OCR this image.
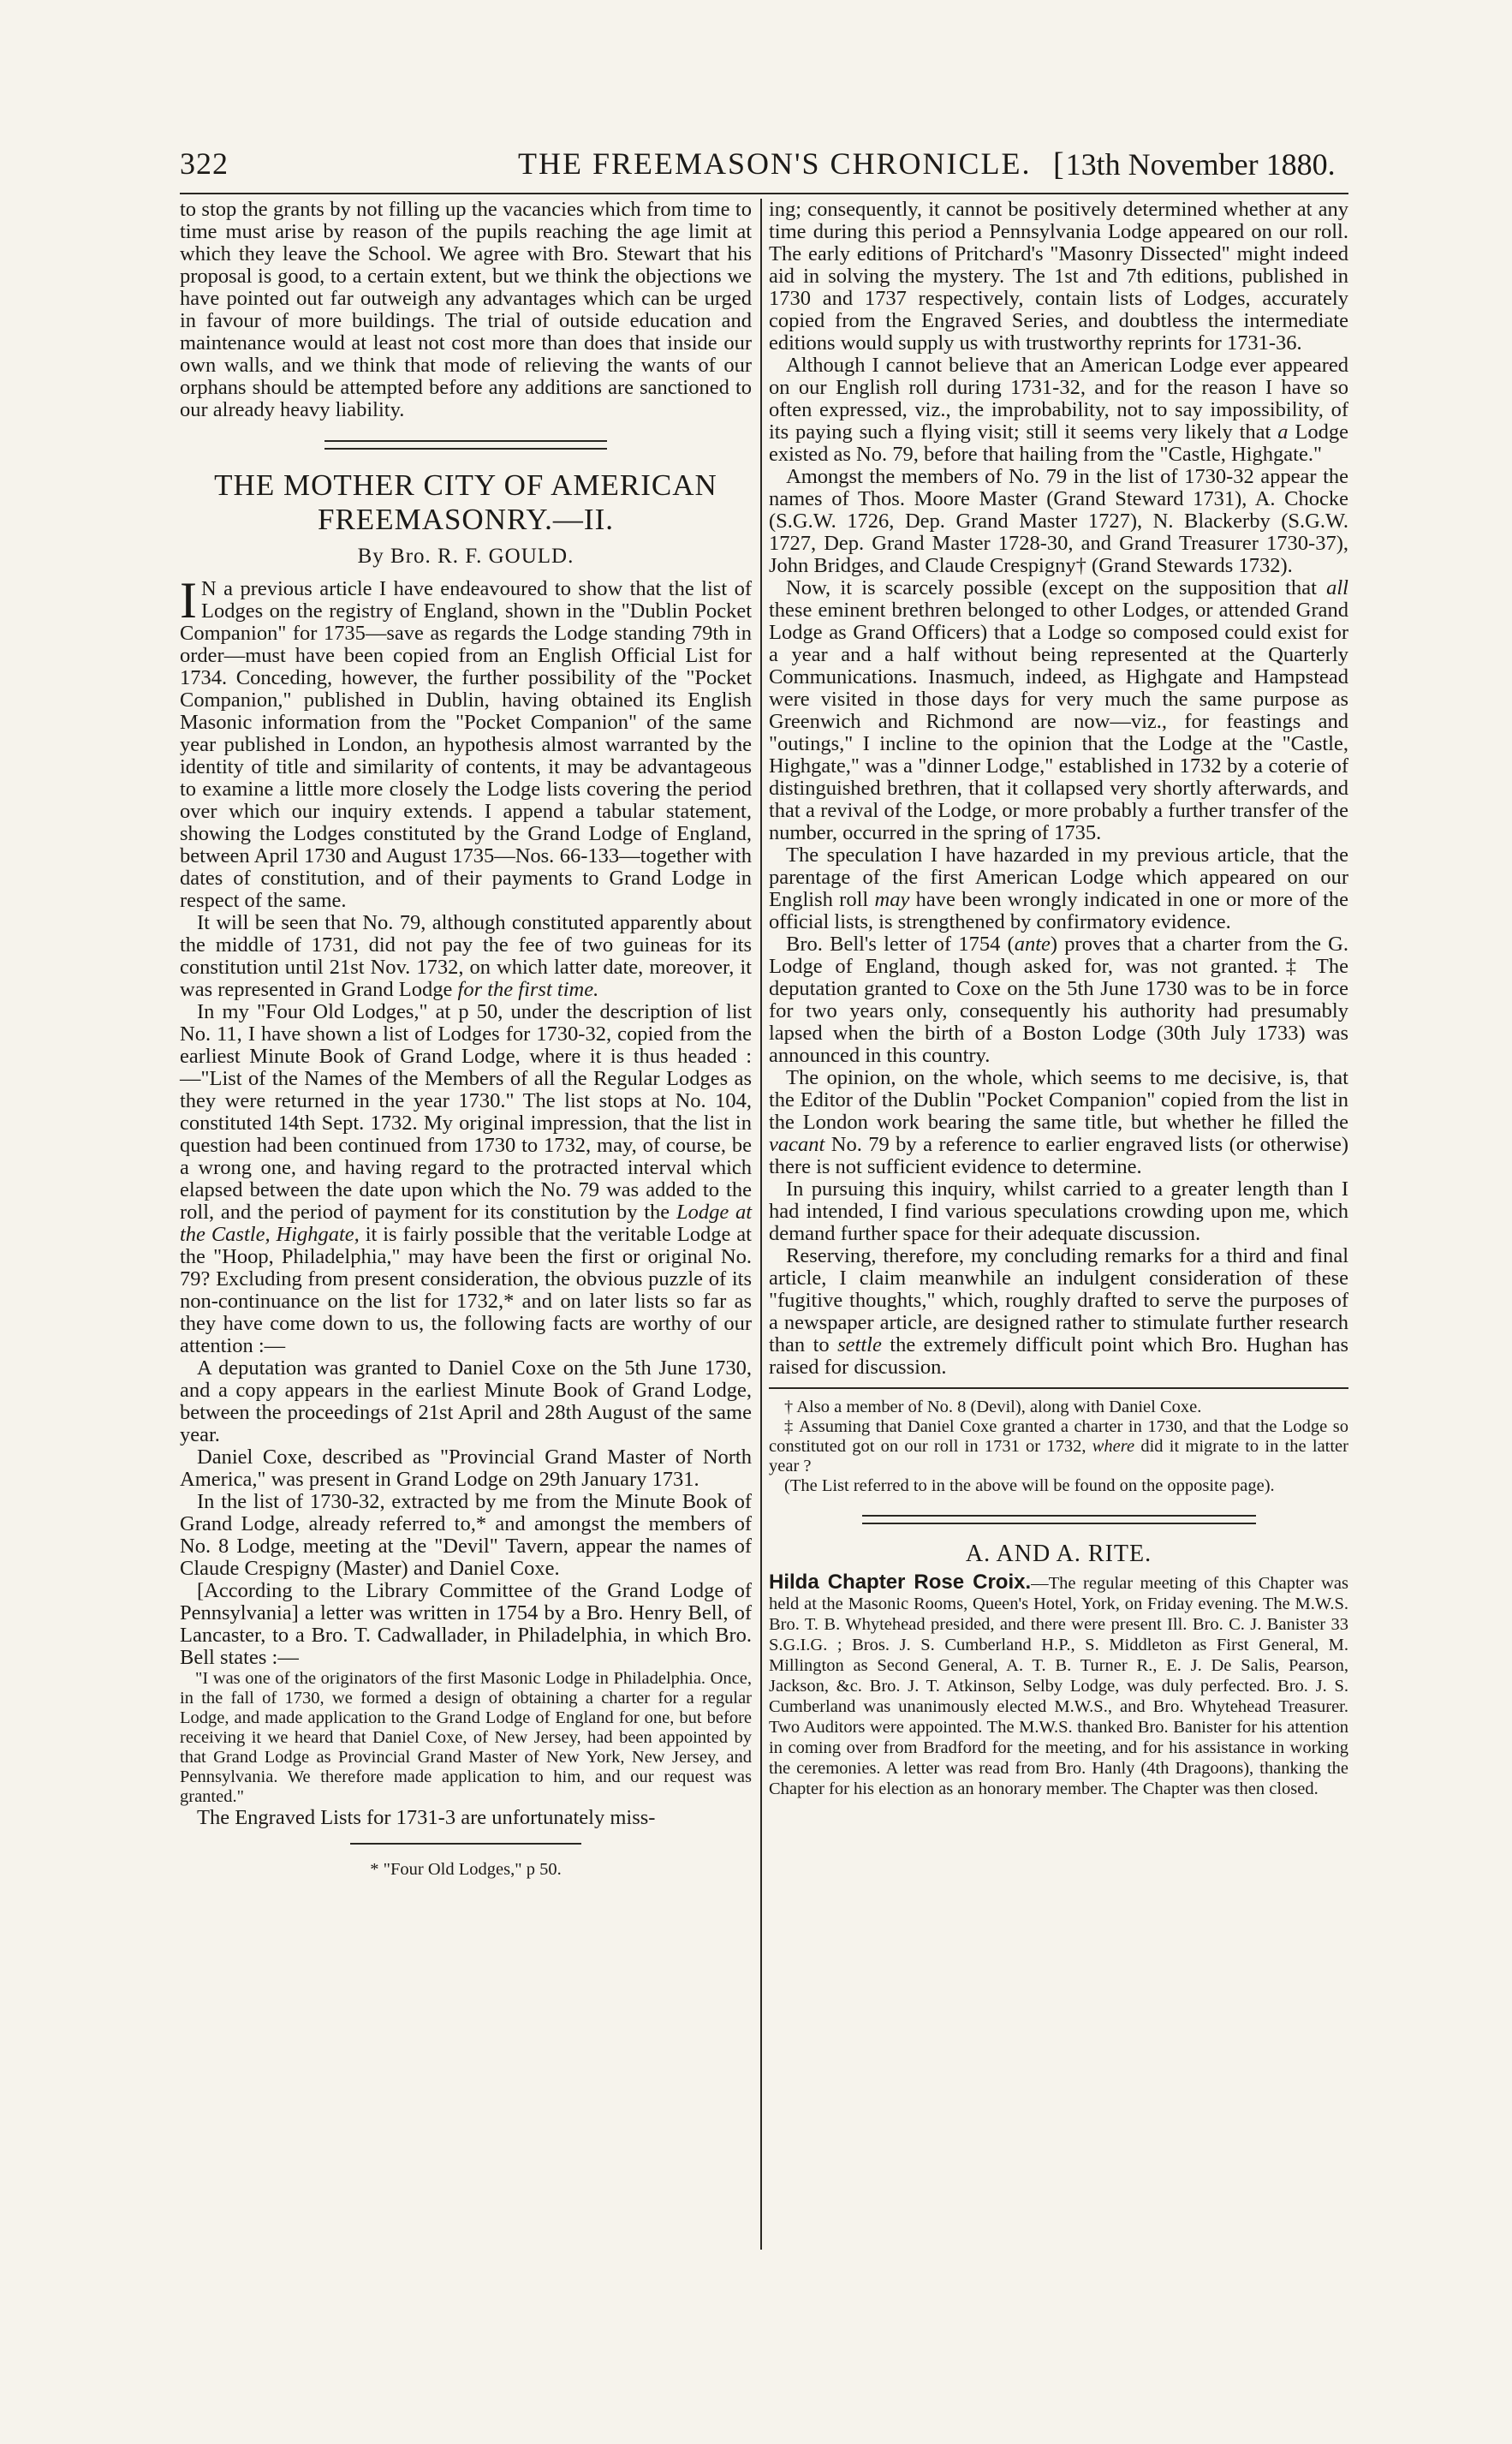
322	THE FREEMASON'S CHRONICLE.
[	13th November 1880.

to stop the grants by not filling up the vacancies which from time to time must arise by reason of the pupils reaching the age limit at which they leave the School. We agree with Bro. Stewart that his proposal is good, to a certain extent, but we think the objections we have pointed out far outweigh any advantages which can be urged in favour of more buildings. The trial of outside education and maintenance would at least not cost more than does that inside our own walls, and we think that mode of relieving the wants of our orphans should be attempted before any additions are sanctioned to our already heavy liability.

THE MOTHER CITY OF AMERICAN FREEMASONRY.—II.

By Bro. R. F. GOULD.

I N a previous article I have endeavoured to show that the list of Lodges on the registry of England, shown in the "Dublin Pocket Companion" for 1735—save as regards the Lodge standing 79th in order—must have been copied from an English Official List for 1734. Conceding, however, the further possibility of the "Pocket Companion," published in Dublin, having obtained its English Masonic information from the "Pocket Companion" of the same year published in London, an hypothesis almost warranted by the identity of title and similarity of contents, it may be advantageous to examine a little more closely the Lodge lists covering the period over which our inquiry extends. I append a tabular statement, showing the Lodges constituted by the Grand Lodge of England, between April 1730 and August 1735—Nos. 66-133—together with dates of constitution, and of their payments to Grand Lodge in respect of the same.

It will be seen that No. 79, although constituted apparently about the middle of 1731, did not pay the fee of two guineas for its constitution until 21st Nov. 1732, on which latter date, moreover, it was represented in Grand Lodge for the first time.

In my "Four Old Lodges," at p 50, under the description of list No. 11, I have shown a list of Lodges for 1730-32, copied from the earliest Minute Book of Grand Lodge, where it is thus headed :—"List of the Names of the Members of all the Regular Lodges as they were returned in the year 1730." The list stops at No. 104, constituted 14th Sept. 1732. My original impression, that the list in question had been continued from 1730 to 1732, may, of course, be a wrong one, and having regard to the protracted interval which elapsed between the date upon which the No. 79 was added to the roll, and the period of payment for its constitution by the Lodge at the Castle, Highgate, it is fairly possible that the veritable Lodge at the "Hoop, Philadelphia," may have been the first or original No. 79? Excluding from present consideration, the obvious puzzle of its non-continuance on the list for 1732,* and on later lists so far as they have come down to us, the following facts are worthy of our attention :—

A deputation was granted to Daniel Coxe on the 5th June 1730, and a copy appears in the earliest Minute Book of Grand Lodge, between the proceedings of 21st April and 28th August of the same year.

Daniel Coxe, described as "Provincial Grand Master of North America," was present in Grand Lodge on 29th January 1731.

In the list of 1730-32, extracted by me from the Minute Book of Grand Lodge, already referred to,* and amongst the members of No. 8 Lodge, meeting at the "Devil" Tavern, appear the names of Claude Crespigny (Master) and Daniel Coxe.

[According to the Library Committee of the Grand Lodge of Pennsylvania] a letter was written in 1754 by a Bro. Henry Bell, of Lancaster, to a Bro. T. Cadwallader, in Philadelphia, in which Bro. Bell states :—

"I was one of the originators of the first Masonic Lodge in Philadelphia. Once, in the fall of 1730, we formed a design of obtaining a charter for a regular Lodge, and made application to the Grand Lodge of England for one, but before receiving it we heard that Daniel Coxe, of New Jersey, had been appointed by that Grand Lodge as Provincial Grand Master of New York, New Jersey, and Pennsylvania. We therefore made application to him, and our request was granted."

The Engraved Lists for 1731-3 are unfortunately miss-

* "Four Old Lodges," p 50.

ing; consequently, it cannot be positively determined whether at any time during this period a Pennsylvania Lodge appeared on our roll. The early editions of Pritchard's "Masonry Dissected" might indeed aid in solving the mystery. The 1st and 7th editions, published in 1730 and 1737 respectively, contain lists of Lodges, accurately copied from the Engraved Series, and doubtless the intermediate editions would supply us with trustworthy reprints for 1731-36.

Although I cannot believe that an American Lodge ever appeared on our English roll during 1731-32, and for the reason I have so often expressed, viz., the improbability, not to say impossibility, of its paying such a flying visit; still it seems very likely that a Lodge existed as No. 79, before that hailing from the "Castle, Highgate."

Amongst the members of No. 79 in the list of 1730-32 appear the names of Thos. Moore Master (Grand Steward 1731), A. Chocke (S.G.W. 1726, Dep. Grand Master 1727), N. Blackerby (S.G.W. 1727, Dep. Grand Master 1728-30, and Grand Treasurer 1730-37), John Bridges, and Claude Crespigny† (Grand Stewards 1732).

Now, it is scarcely possible (except on the supposition that all these eminent brethren belonged to other Lodges, or attended Grand Lodge as Grand Officers) that a Lodge so composed could exist for a year and a half without being represented at the Quarterly Communications. Inasmuch, indeed, as Highgate and Hampstead were visited in those days for very much the same purpose as Greenwich and Richmond are now—viz., for feastings and "outings," I incline to the opinion that the Lodge at the "Castle, Highgate," was a "dinner Lodge," established in 1732 by a coterie of distinguished brethren, that it collapsed very shortly afterwards, and that a revival of the Lodge, or more probably a further transfer of the number, occurred in the spring of 1735.

The speculation I have hazarded in my previous article, that the parentage of the first American Lodge which appeared on our English roll may have been wrongly indicated in one or more of the official lists, is strengthened by confirmatory evidence.

Bro. Bell's letter of 1754 (ante) proves that a charter from the G. Lodge of England, though asked for, was not granted.‡ The deputation granted to Coxe on the 5th June 1730 was to be in force for two years only, consequently his authority had presumably lapsed when the birth of a Boston Lodge (30th July 1733) was announced in this country.

The opinion, on the whole, which seems to me decisive, is, that the Editor of the Dublin "Pocket Companion" copied from the list in the London work bearing the same title, but whether he filled the vacant No. 79 by a reference to earlier engraved lists (or otherwise) there is not sufficient evidence to determine.

In pursuing this inquiry, whilst carried to a greater length than I had intended, I find various speculations crowding upon me, which demand further space for their adequate discussion.

Reserving, therefore, my concluding remarks for a third and final article, I claim meanwhile an indulgent consideration of these "fugitive thoughts," which, roughly drafted to serve the purposes of a newspaper article, are designed rather to stimulate further research than to settle the extremely difficult point which Bro. Hughan has raised for discussion.

† Also a member of No. 8 (Devil), along with Daniel Coxe.

‡ Assuming that Daniel Coxe granted a charter in 1730, and that the Lodge so constituted got on our roll in 1731 or 1732, where did it migrate to in the latter year ?

(The List referred to in the above will be found on the opposite page).

A. AND A. RITE.

Hilda Chapter Rose Croix.—The regular meeting of this Chapter was held at the Masonic Rooms, Queen's Hotel, York, on Friday evening. The M.W.S. Bro. T. B. Whytehead presided, and there were present Ill. Bro. C. J. Banister 33 S.G.I.G. ; Bros. J. S. Cumberland H.P., S. Middleton as First General, M. Millington as Second General, A. T. B. Turner R., E. J. De Salis, Pearson, Jackson, &c. Bro. J. T. Atkinson, Selby Lodge, was duly perfected. Bro. J. S. Cumberland was unanimously elected M.W.S., and Bro. Whytehead Treasurer. Two Auditors were appointed. The M.W.S. thanked Bro. Banister for his attention in coming over from Bradford for the meeting, and for his assistance in working the ceremonies. A letter was read from Bro. Hanly (4th Dragoons), thanking the Chapter for his election as an honorary member. The Chapter was then closed.
